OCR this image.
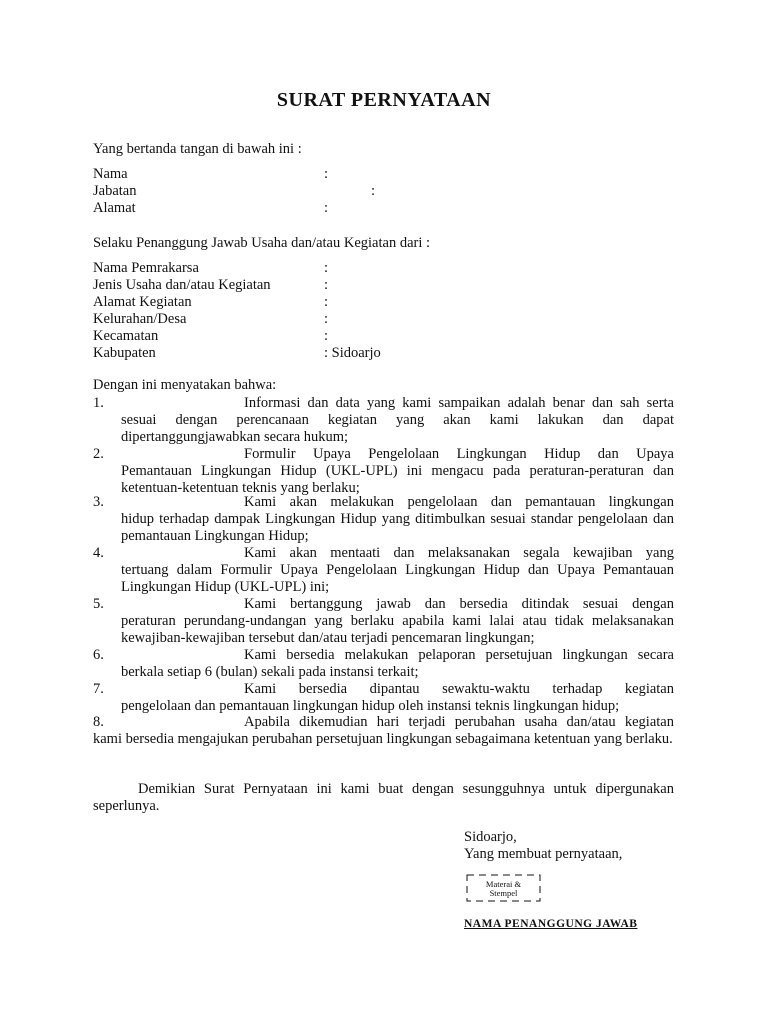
SURAT PERNYATAAN
Yang bertanda tangan di bawah ini :
Nama	:
Jabatan	:
Alamat	:
Selaku Penanggung Jawab Usaha dan/atau Kegiatan dari :
Nama Pemrakarsa	:
Jenis Usaha dan/atau Kegiatan	:
Alamat Kegiatan	:
Kelurahan/Desa	:
Kecamatan	:
Kabupaten	: Sidoarjo
Dengan ini menyatakan bahwa:
1.	Informasi dan data yang kami sampaikan adalah benar dan sah serta
sesuai dengan perencanaan kegiatan yang akan kami lakukan dan dapat dipertanggungjawabkan secara hukum;
2.	Formulir Upaya Pengelolaan Lingkungan Hidup dan Upaya
Pemantauan Lingkungan Hidup (UKL-UPL) ini mengacu pada peraturan-peraturan dan ketentuan-ketentuan teknis yang berlaku;
3.	Kami akan melakukan pengelolaan dan pemantauan lingkungan
hidup terhadap dampak Lingkungan Hidup yang ditimbulkan sesuai standar pengelolaan dan pemantauan Lingkungan Hidup;
4.	Kami akan mentaati dan melaksanakan segala kewajiban yang
tertuang dalam Formulir Upaya Pengelolaan Lingkungan Hidup dan Upaya Pemantauan Lingkungan Hidup (UKL-UPL) ini;
5.	Kami bertanggung jawab dan bersedia ditindak sesuai dengan
peraturan perundang-undangan yang berlaku apabila kami lalai atau tidak melaksanakan kewajiban-kewajiban tersebut dan/atau terjadi pencemaran lingkungan;
6.	Kami bersedia melakukan pelaporan persetujuan lingkungan secara
berkala setiap 6 (bulan) sekali pada instansi terkait;
7.	Kami bersedia dipantau sewaktu-waktu terhadap kegiatan
pengelolaan dan pemantauan lingkungan hidup oleh instansi teknis lingkungan hidup;
8.	Apabila dikemudian hari terjadi perubahan usaha dan/atau kegiatan
kami bersedia mengajukan perubahan persetujuan lingkungan sebagaimana ketentuan yang berlaku.
Demikian Surat Pernyataan ini kami buat dengan sesungguhnya untuk dipergunakan
seperlunya.
Sidoarjo,
Yang membuat pernyataan,
Materai &
Stempel
NAMA PENANGGUNG JAWAB
